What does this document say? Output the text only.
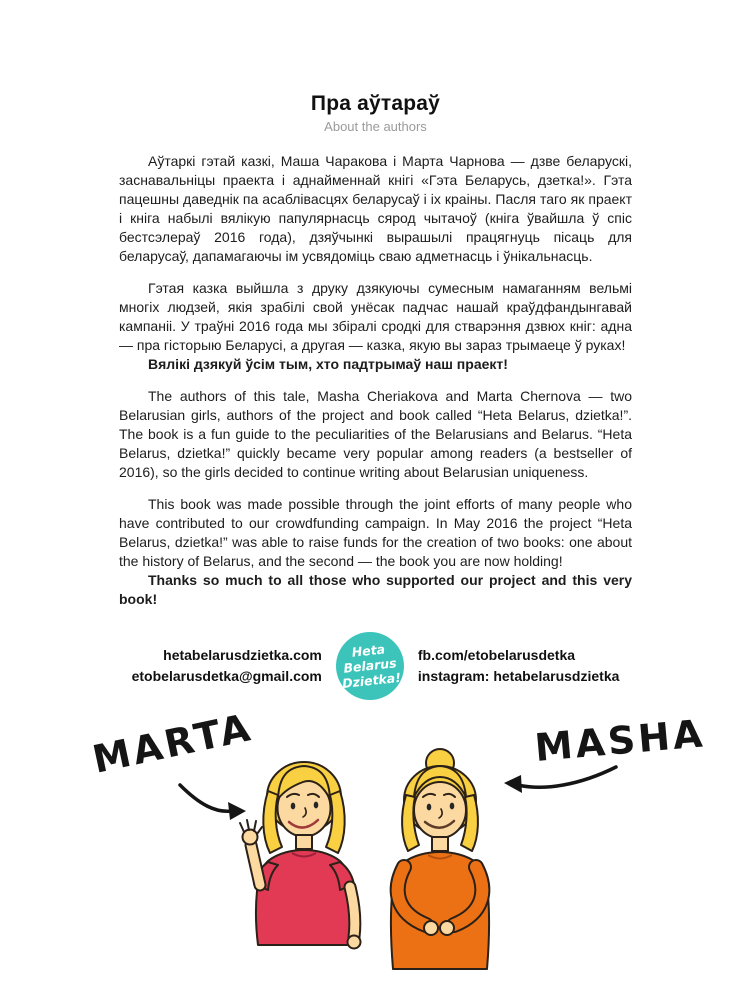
Пра аўтараў
About the authors

Аўтаркі гэтай казкі, Маша Чаракова і Марта Чарнова — дзве беларускі, заснавальніцы праекта і аднайменнай кнігі «Гэта Беларусь, дзетка!». Гэта пацешны даведнік па асаблівасцях беларусаў і іх краіны. Пасля таго як праект і кніга набылі вялікую папулярнасць сярод чытачоў (кніга ўвайшла ў спіс бестсэлераў 2016 года), дзяўчынкі вырашылі працягнуць пісаць для беларусаў, дапамагаючы ім усвядоміць сваю адметнасць і ўнікальнасць.

Гэтая казка выйшла з друку дзякуючы сумесным намаганням вельмі многіх людзей, якія зрабілі свой унёсак падчас нашай краўдфандынгавай кампаніі. У траўні 2016 года мы збіралі сродкі для стварэння дзвюх кніг: адна — пра гісторыю Беларусі, а другая — казка, якую вы зараз трымаеце ў руках!

Вялікі дзякуй ўсім тым, хто падтрымаў наш праект!

The authors of this tale, Masha Cheriakova and Marta Chernova — two Belarusian girls, authors of the project and book called “Heta Belarus, dzietka!”. The book is a fun guide to the peculiarities of the Belarusians and Belarus. “Heta Belarus, dzietka!” quickly became very popular among readers (a bestseller of 2016), so the girls decided to continue writing about Belarusian uniqueness.

This book was made possible through the joint efforts of many people who have contributed to our crowdfunding campaign. In May 2016 the project “Heta Belarus, dzietka!” was able to raise funds for the creation of two books: one about the history of Belarus, and the second — the book you are now holding!

Thanks so much to all those who supported our project and this very book!

hetabelarusdzietka.com
etobelarusdetka@gmail.com
Heta
Belarus
Dzietka!
fb.com/etobelarusdetka
instagram: hetabelarusdzietka
MARTA	MASHA
